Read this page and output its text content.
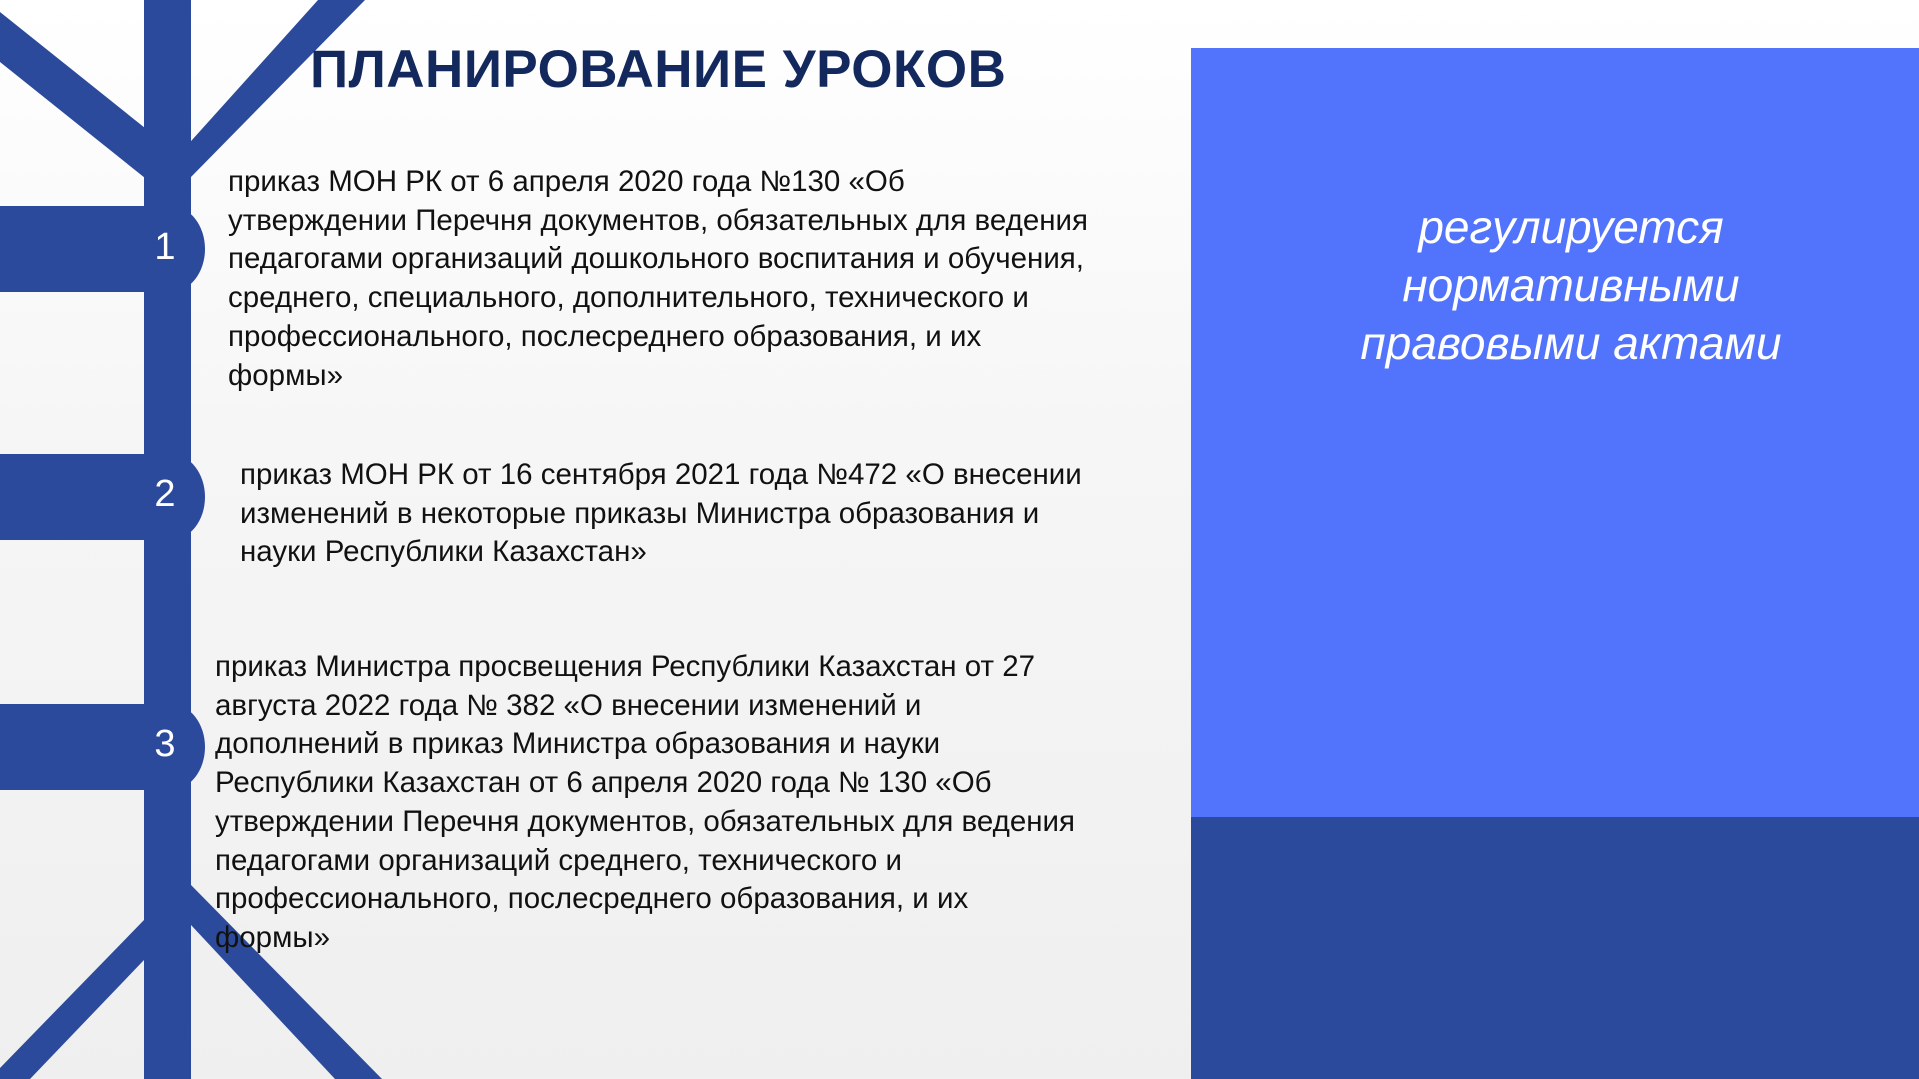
регулируется
нормативными
правовыми актами

ПЛАНИРОВАНИЕ УРОКОВ
1
2
3

приказ МОН РК от 6 апреля 2020 года №130 «Об
утверждении Перечня документов, обязательных для ведения
педагогами организаций дошкольного воспитания и обучения,
среднего, специального, дополнительного, технического и
профессионального, послесреднего образования, и их
формы»

приказ МОН РК от 16 сентября 2021 года №472 «О внесении
изменений в некоторые приказы Министра образования и
науки Республики Казахстан»

приказ Министра просвещения Республики Казахстан от 27
августа 2022 года № 382 «О внесении изменений и
дополнений в приказ Министра образования и науки
Республики Казахстан от 6 апреля 2020 года № 130 «Об
утверждении Перечня документов, обязательных для ведения
педагогами организаций среднего, технического и
профессионального, послесреднего образования, и их
формы»
